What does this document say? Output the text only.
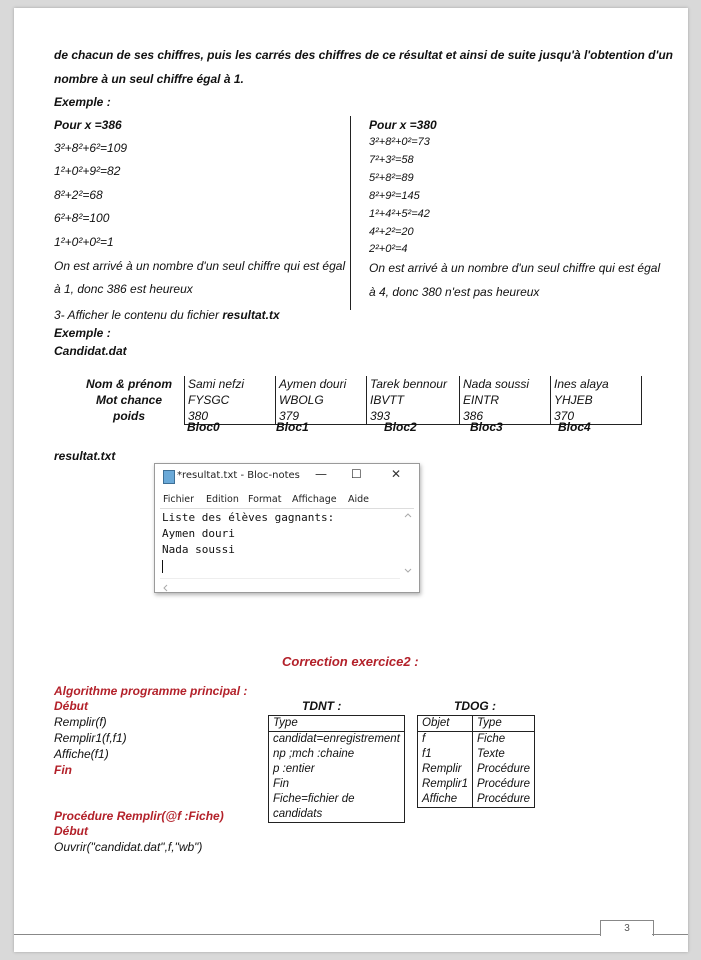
de chacun de ses chiffres, puis les carrés des chiffres de ce résultat et ainsi de suite jusqu'à l'obtention d'un
nombre à un seul chiffre égal à 1.
Exemple :
Pour x =386
3²+8²+6²=109
1²+0²+9²=82
8²+2²=68
6²+8²=100
1²+0²+0²=1
On est arrivé à un nombre d'un seul chiffre qui est égal
à 1, donc 386 est heureux
Pour x =380
3²+8²+0²=73
7²+3²=58
5²+8²=89
8²+9²=145
1²+4²+5²=42
4²+2²=20
2²+0²=4
On est arrivé à un nombre d'un seul chiffre qui est égal
à 4, donc 380 n'est pas heureux
3- Afficher le contenu du fichier resultat.tx
Exemple :
Candidat.dat
Nom & prénom	Sami nefzi	Aymen douri	Tarek bennour	Nada soussi	Ines alaya
Mot chance	FYSGC	WBOLG	IBVTT	EINTR	YHJEB
poids	380	379	393	386	370
Bloc0	Bloc1	Bloc2	Bloc3	Bloc4
resultat.txt
*resultat.txt - Bloc-notes — ☐ ✕
Fichier Edition Format Affichage Aide
Liste des élèves gagnants:
Aymen douri
Nada soussi
Correction exercice2 :
Algorithme programme principal :
Début
Remplir(f)
Remplir1(f,f1)
Affiche(f1)
Fin
TDNT :
Type
candidat=enregistrement
np ;mch :chaine
p :entier
Fin
Fiche=fichier de candidats
TDOG :
Objet	Type
f	Fiche
f1	Texte
Remplir	Procédure
Remplir1	Procédure
Affiche	Procédure
Procédure Remplir(@f :Fiche)
Début
Ouvrir("candidat.dat",f,"wb")
3
